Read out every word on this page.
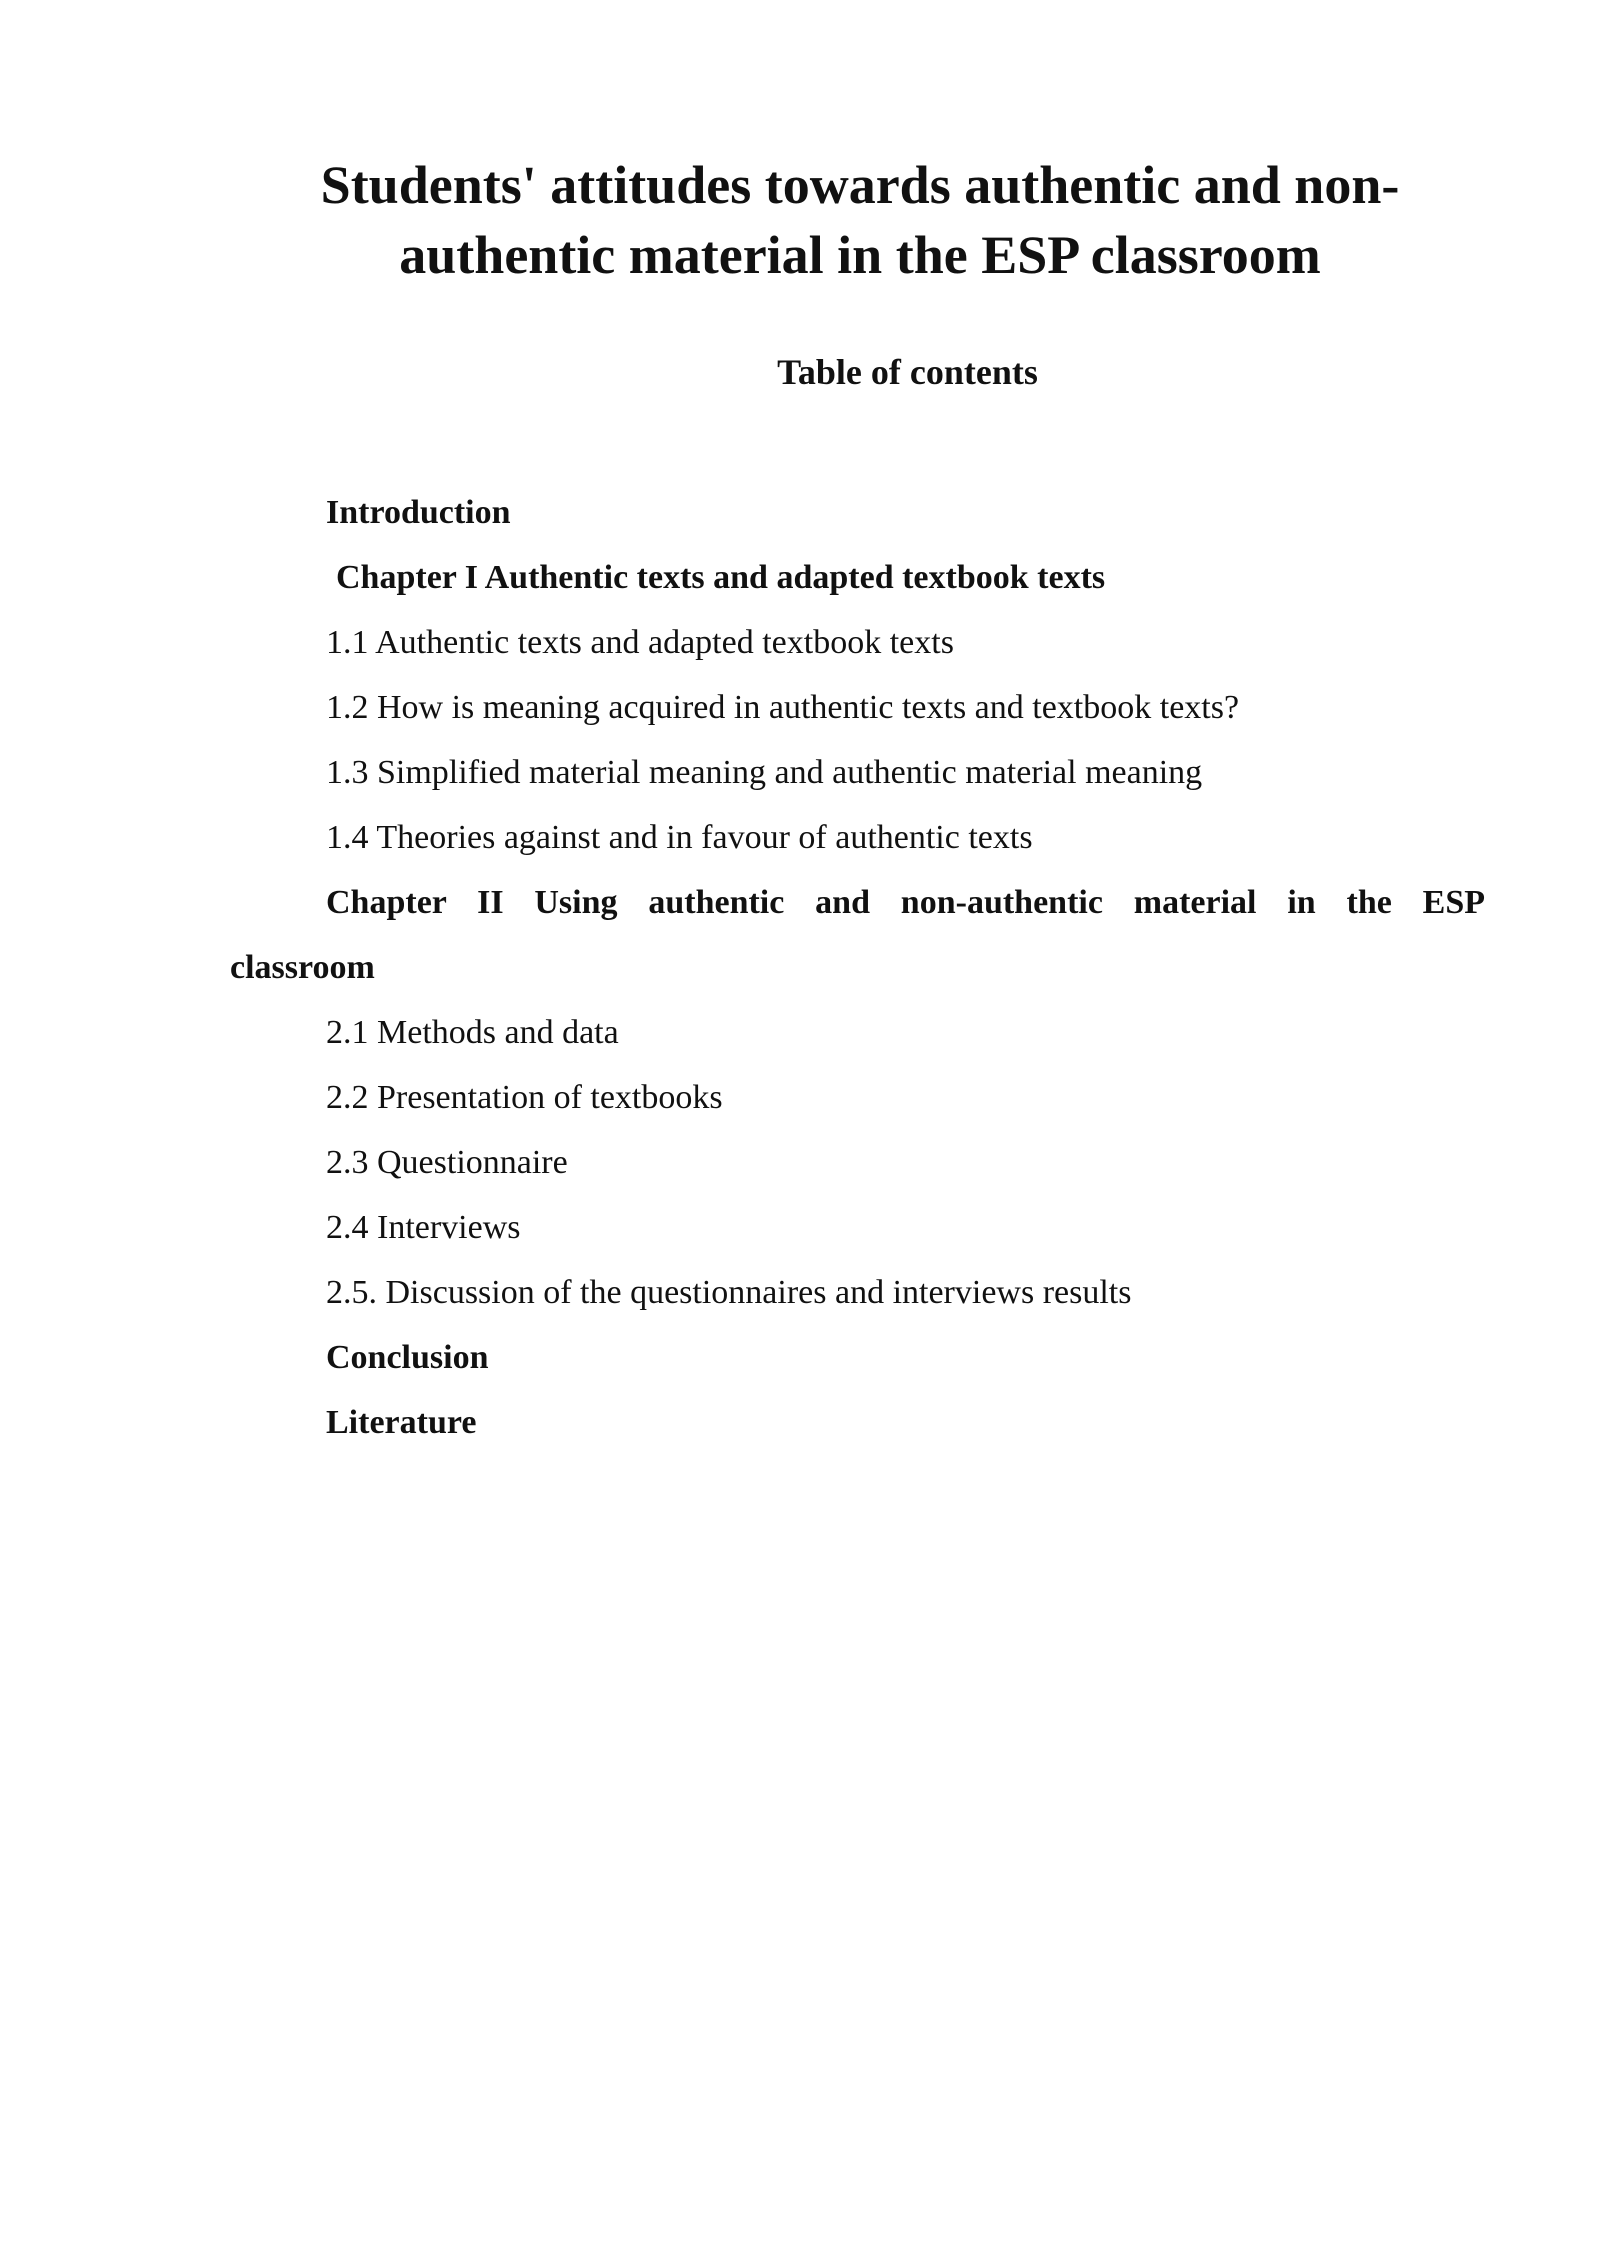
Students' attitudes towards authentic and non-authentic material in the ESP classroom
Table of contents
Introduction
Chapter I Authentic texts and adapted textbook texts
1.1 Authentic texts and adapted textbook texts
1.2 How is meaning acquired in authentic texts and textbook texts?
1.3 Simplified material meaning and authentic material meaning
1.4 Theories against and in favour of authentic texts
Chapter II Using authentic and non-authentic material in the ESP classroom
2.1 Methods and data
2.2 Presentation of textbooks
2.3 Questionnaire
2.4 Interviews
2.5. Discussion of the questionnaires and interviews results
Conclusion
Literature
